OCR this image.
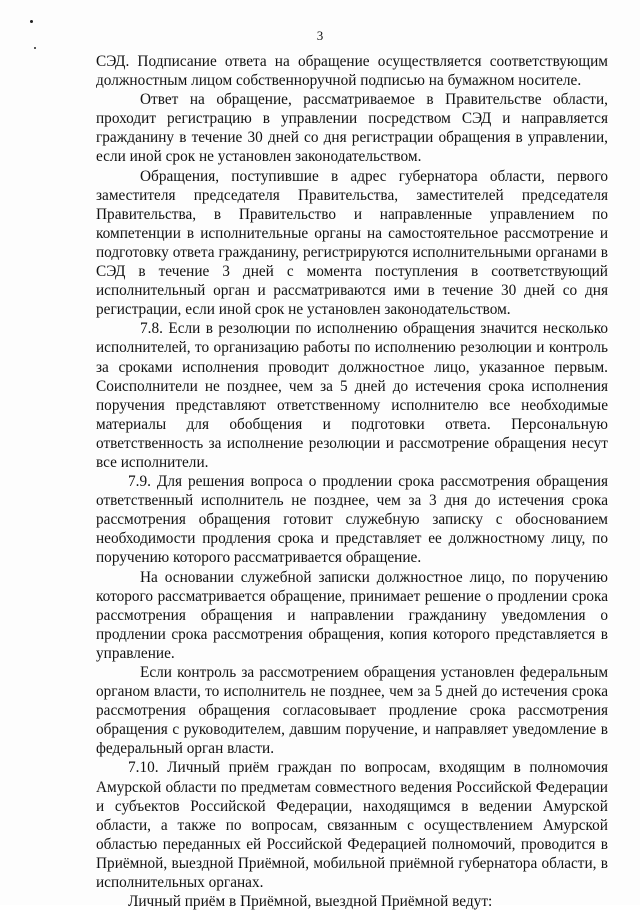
3

СЭД. Подписание ответа на обращение осуществляется соответствующим должностным лицом собственноручной подписью на бумажном носителе.

Ответ на обращение, рассматриваемое в Правительстве области, проходит регистрацию в управлении посредством СЭД и направляется гражданину в течение 30 дней со дня регистрации обращения в управлении, если иной срок не установлен законодательством.

Обращения, поступившие в адрес губернатора области, первого заместителя председателя Правительства, заместителей председателя Правительства, в Правительство и направленные управлением по компетенции в исполнительные органы на самостоятельное рассмотрение и подготовку ответа гражданину, регистрируются исполнительными органами в СЭД в течение 3 дней с момента поступления в соответствующий исполнительный орган и рассматриваются ими в течение 30 дней со дня регистрации, если иной срок не установлен законодательством.

7.8. Если в резолюции по исполнению обращения значится несколько исполнителей, то организацию работы по исполнению резолюции и контроль за сроками исполнения проводит должностное лицо, указанное первым. Соисполнители не позднее, чем за 5 дней до истечения срока исполнения поручения представляют ответственному исполнителю все необходимые материалы для обобщения и подготовки ответа. Персональную ответственность за исполнение резолюции и рассмотрение обращения несут все исполнители.

7.9. Для решения вопроса о продлении срока рассмотрения обращения ответственный исполнитель не позднее, чем за 3 дня до истечения срока рассмотрения обращения готовит служебную записку с обоснованием необходимости продления срока и представляет ее должностному лицу, по поручению которого рассматривается обращение.

На основании служебной записки должностное лицо, по поручению которого рассматривается обращение, принимает решение о продлении срока рассмотрения обращения и направлении гражданину уведомления о продлении срока рассмотрения обращения, копия которого представляется в управление.

Если контроль за рассмотрением обращения установлен федеральным органом власти, то исполнитель не позднее, чем за 5 дней до истечения срока рассмотрения обращения согласовывает продление срока рассмотрения обращения с руководителем, давшим поручение, и направляет уведомление в федеральный орган власти.

7.10. Личный приём граждан по вопросам, входящим в полномочия Амурской области по предметам совместного ведения Российской Федерации и субъектов Российской Федерации, находящимся в ведении Амурской области, а также по вопросам, связанным с осуществлением Амурской областью переданных ей Российской Федерацией полномочий, проводится в Приёмной, выездной Приёмной, мобильной приёмной губернатора области, в исполнительных органах.

Личный приём в Приёмной, выездной Приёмной ведут:
